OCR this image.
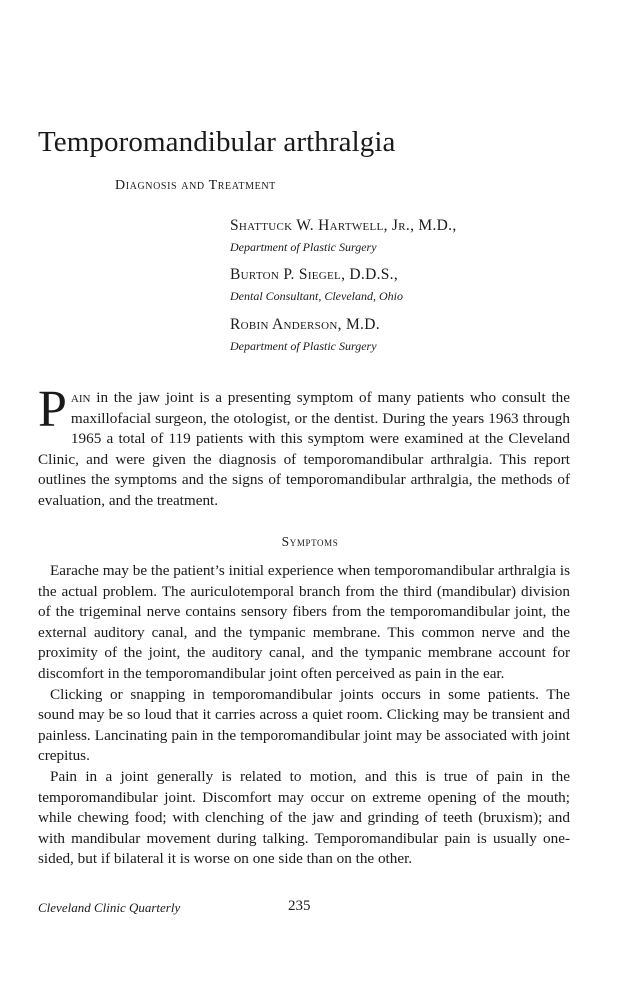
Temporomandibular arthralgia
Diagnosis and Treatment
Shattuck W. Hartwell, Jr., M.D.,
Department of Plastic Surgery
Burton P. Siegel, D.D.S.,
Dental Consultant, Cleveland, Ohio
Robin Anderson, M.D.
Department of Plastic Surgery
Pain in the jaw joint is a presenting symptom of many patients who consult the maxillofacial surgeon, the otologist, or the dentist. During the years 1963 through 1965 a total of 119 patients with this symptom were examined at the Cleveland Clinic, and were given the diagnosis of temporomandibular arthralgia. This report outlines the symptoms and the signs of temporomandibular arthralgia, the methods of evaluation, and the treatment.
Symptoms

Earache may be the patient’s initial experience when temporomandibular arthralgia is the actual problem. The auriculotemporal branch from the third (mandibular) division of the trigeminal nerve contains sensory fibers from the temporomandibular joint, the external auditory canal, and the tympanic membrane. This common nerve and the proximity of the joint, the auditory canal, and the tympanic membrane account for discomfort in the temporomandibular joint often perceived as pain in the ear.

Clicking or snapping in temporomandibular joints occurs in some patients. The sound may be so loud that it carries across a quiet room. Clicking may be transient and painless. Lancinating pain in the temporomandibular joint may be associated with joint crepitus.

Pain in a joint generally is related to motion, and this is true of pain in the temporomandibular joint. Discomfort may occur on extreme opening of the mouth; while chewing food; with clenching of the jaw and grinding of teeth (bruxism); and with mandibular movement during talking. Temporomandibular pain is usually one-sided, but if bilateral it is worse on one side than on the other.

Cleveland Clinic Quarterly	235
